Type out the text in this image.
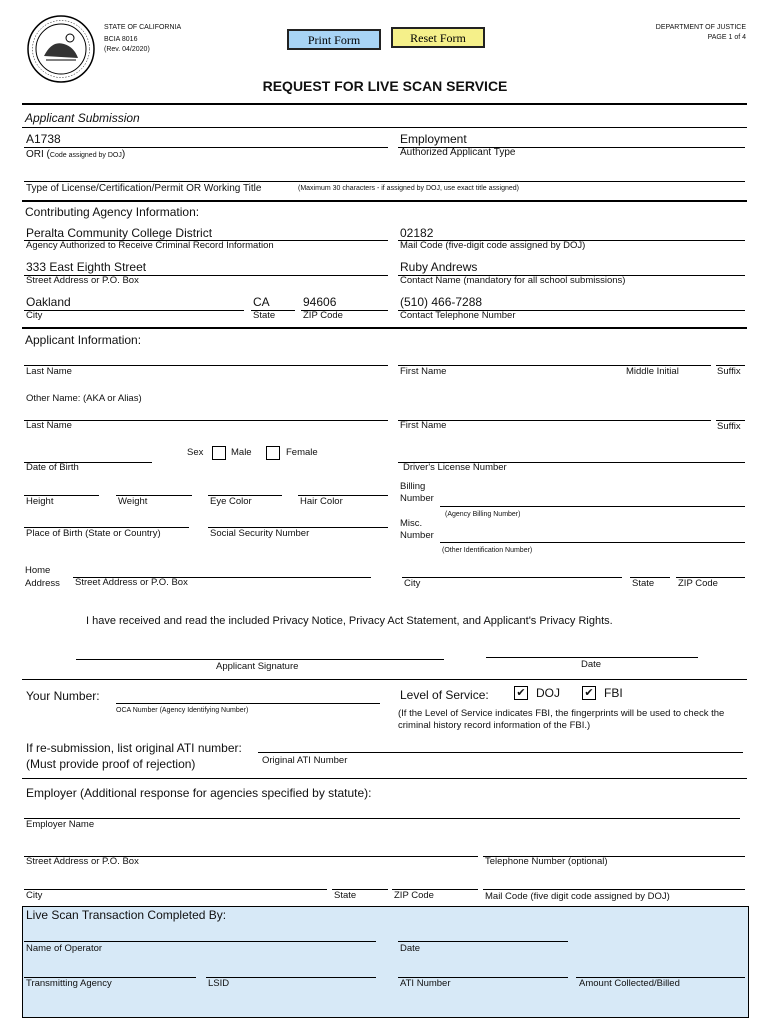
STATE OF CALIFORNIA
BCIA 8016
(Rev. 04/2020)
Print Form	Reset Form
DEPARTMENT OF JUSTICE
PAGE 1 of 4
REQUEST FOR LIVE SCAN SERVICE
Applicant Submission
A1738
ORI (Code assigned by DOJ)
Employment
Authorized Applicant Type
Type of License/Certification/Permit OR Working Title	(Maximum 30 characters - if assigned by DOJ, use exact title assigned)
Contributing Agency Information:
Peralta Community College District
Agency Authorized to Receive Criminal Record Information
02182
Mail Code (five-digit code assigned by DOJ)
333 East Eighth Street
Street Address or P.O. Box
Ruby Andrews
Contact Name (mandatory for all school submissions)
Oakland
City
CA
State
94606
ZIP Code
(510) 466-7288
Contact Telephone Number
Applicant Information:
Last Name	First Name	Middle Initial	Suffix
Other Name: (AKA or Alias)
Last Name	First Name	Suffix
Sex	Male	Female
Date of Birth	Driver's License Number
Height	Weight	Eye Color	Hair Color
Billing
Number
(Agency Billing Number)
Place of Birth (State or Country)	Social Security Number
Misc.
Number
(Other Identification Number)
Home
Address Street Address or P.O. Box	City	State	ZIP Code
I have received and read the included Privacy Notice, Privacy Act Statement, and Applicant's Privacy Rights.
Applicant Signature	Date
Your Number:
OCA Number (Agency Identifying Number)
Level of Service:	✔ DOJ ✔ FBI
(If the Level of Service indicates FBI, the fingerprints will be used to check the
criminal history record information of the FBI.)
If re-submission, list original ATI number:
(Must provide proof of rejection)	Original ATI Number
Employer (Additional response for agencies specified by statute):
Employer Name
Street Address or P.O. Box	Telephone Number (optional)
City	State	ZIP Code	Mail Code (five digit code assigned by DOJ)
Live Scan Transaction Completed By:
Name of Operator	Date
Transmitting Agency	LSID	ATI Number	Amount Collected/Billed
